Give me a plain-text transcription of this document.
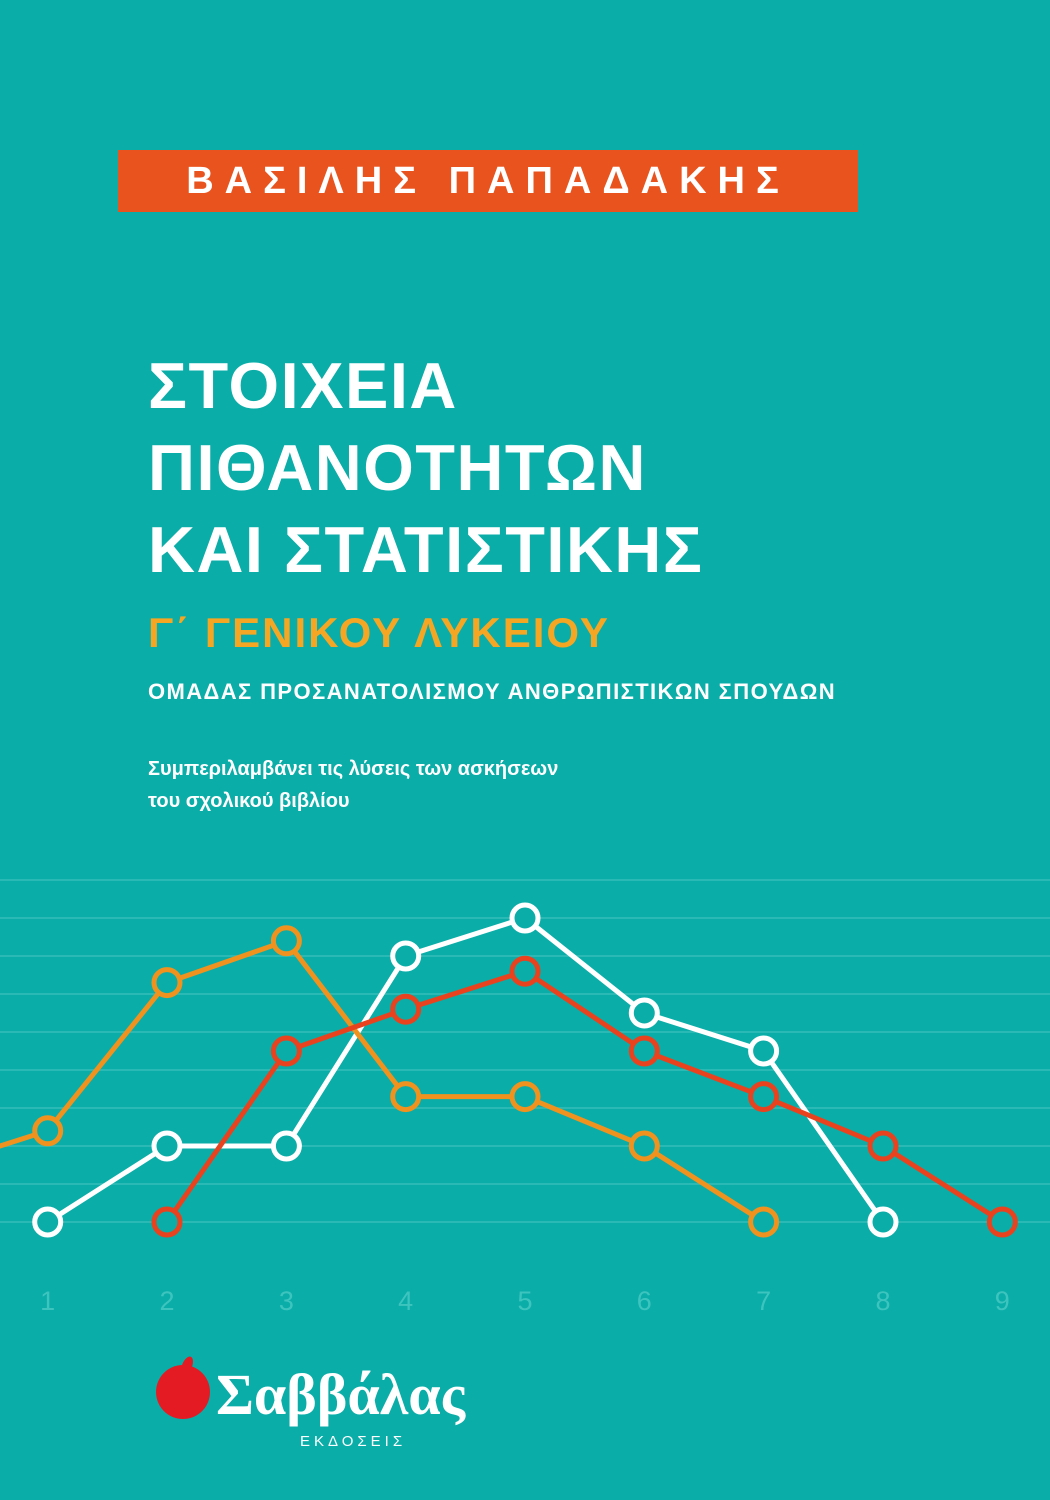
ΒΑΣΙΛΗΣ ΠΑΠΑΔΑΚΗΣ
ΣΤΟΙΧΕΙΑ
ΠΙΘΑΝΟΤΗΤΩΝ
ΚΑΙ ΣΤΑΤΙΣΤΙΚΗΣ
Γ΄ ΓΕΝΙΚΟΥ ΛΥΚΕΙΟΥ
ΟΜΑΔΑΣ ΠΡΟΣΑΝΑΤΟΛΙΣΜΟΥ ΑΝΘΡΩΠΙΣΤΙΚΩΝ ΣΠΟΥΔΩΝ
Συμπεριλαμβάνει τις λύσεις των ασκήσεων
του σχολικού βιβλίου
1	2	3	4	5	6	7	8	9
Σαββάλας
ΕΚΔΟΣΕΙΣ
